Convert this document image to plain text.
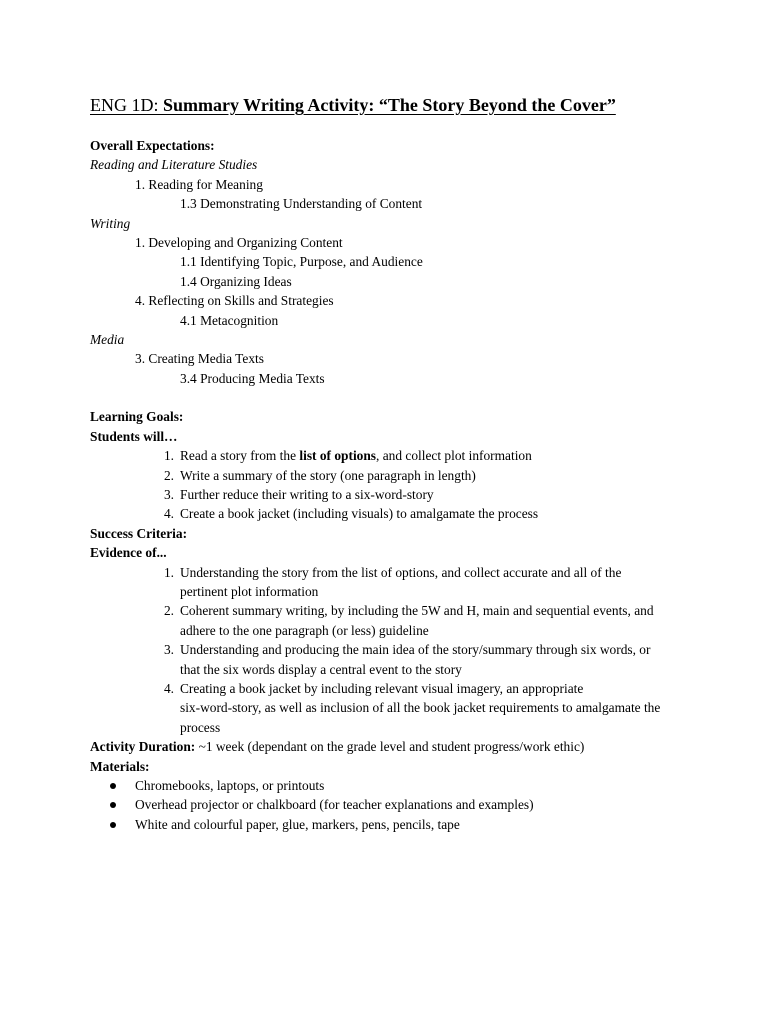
ENG 1D: Summary Writing Activity: “The Story Beyond the Cover”

Overall Expectations:

Reading and Literature Studies

1. Reading for Meaning

1.3 Demonstrating Understanding of Content

Writing

1. Developing and Organizing Content

1.1 Identifying Topic, Purpose, and Audience

1.4 Organizing Ideas

4. Reflecting on Skills and Strategies

4.1 Metacognition

Media

3. Creating Media Texts

3.4 Producing Media Texts

Learning Goals:

Students will…

1. Read a story from the list of options, and collect plot information
2. Write a summary of the story (one paragraph in length)
3. Further reduce their writing to a six-word-story
4. Create a book jacket (including visuals) to amalgamate the process

Success Criteria:

Evidence of...

1. Understanding the story from the list of options, and collect accurate and all of the
pertinent plot information
2. Coherent summary writing, by including the 5W and H, main and sequential events, and
adhere to the one paragraph (or less) guideline
3. Understanding and producing the main idea of the story/summary through six words, or
that the six words display a central event to the story
4. Creating a book jacket by including relevant visual imagery, an appropriate
six-word-story, as well as inclusion of all the book jacket requirements to amalgamate the
process

Activity Duration: ~1 week (dependant on the grade level and student progress/work ethic)

Materials:

Chromebooks, laptops, or printouts
Overhead projector or chalkboard (for teacher explanations and examples)
White and colourful paper, glue, markers, pens, pencils, tape
